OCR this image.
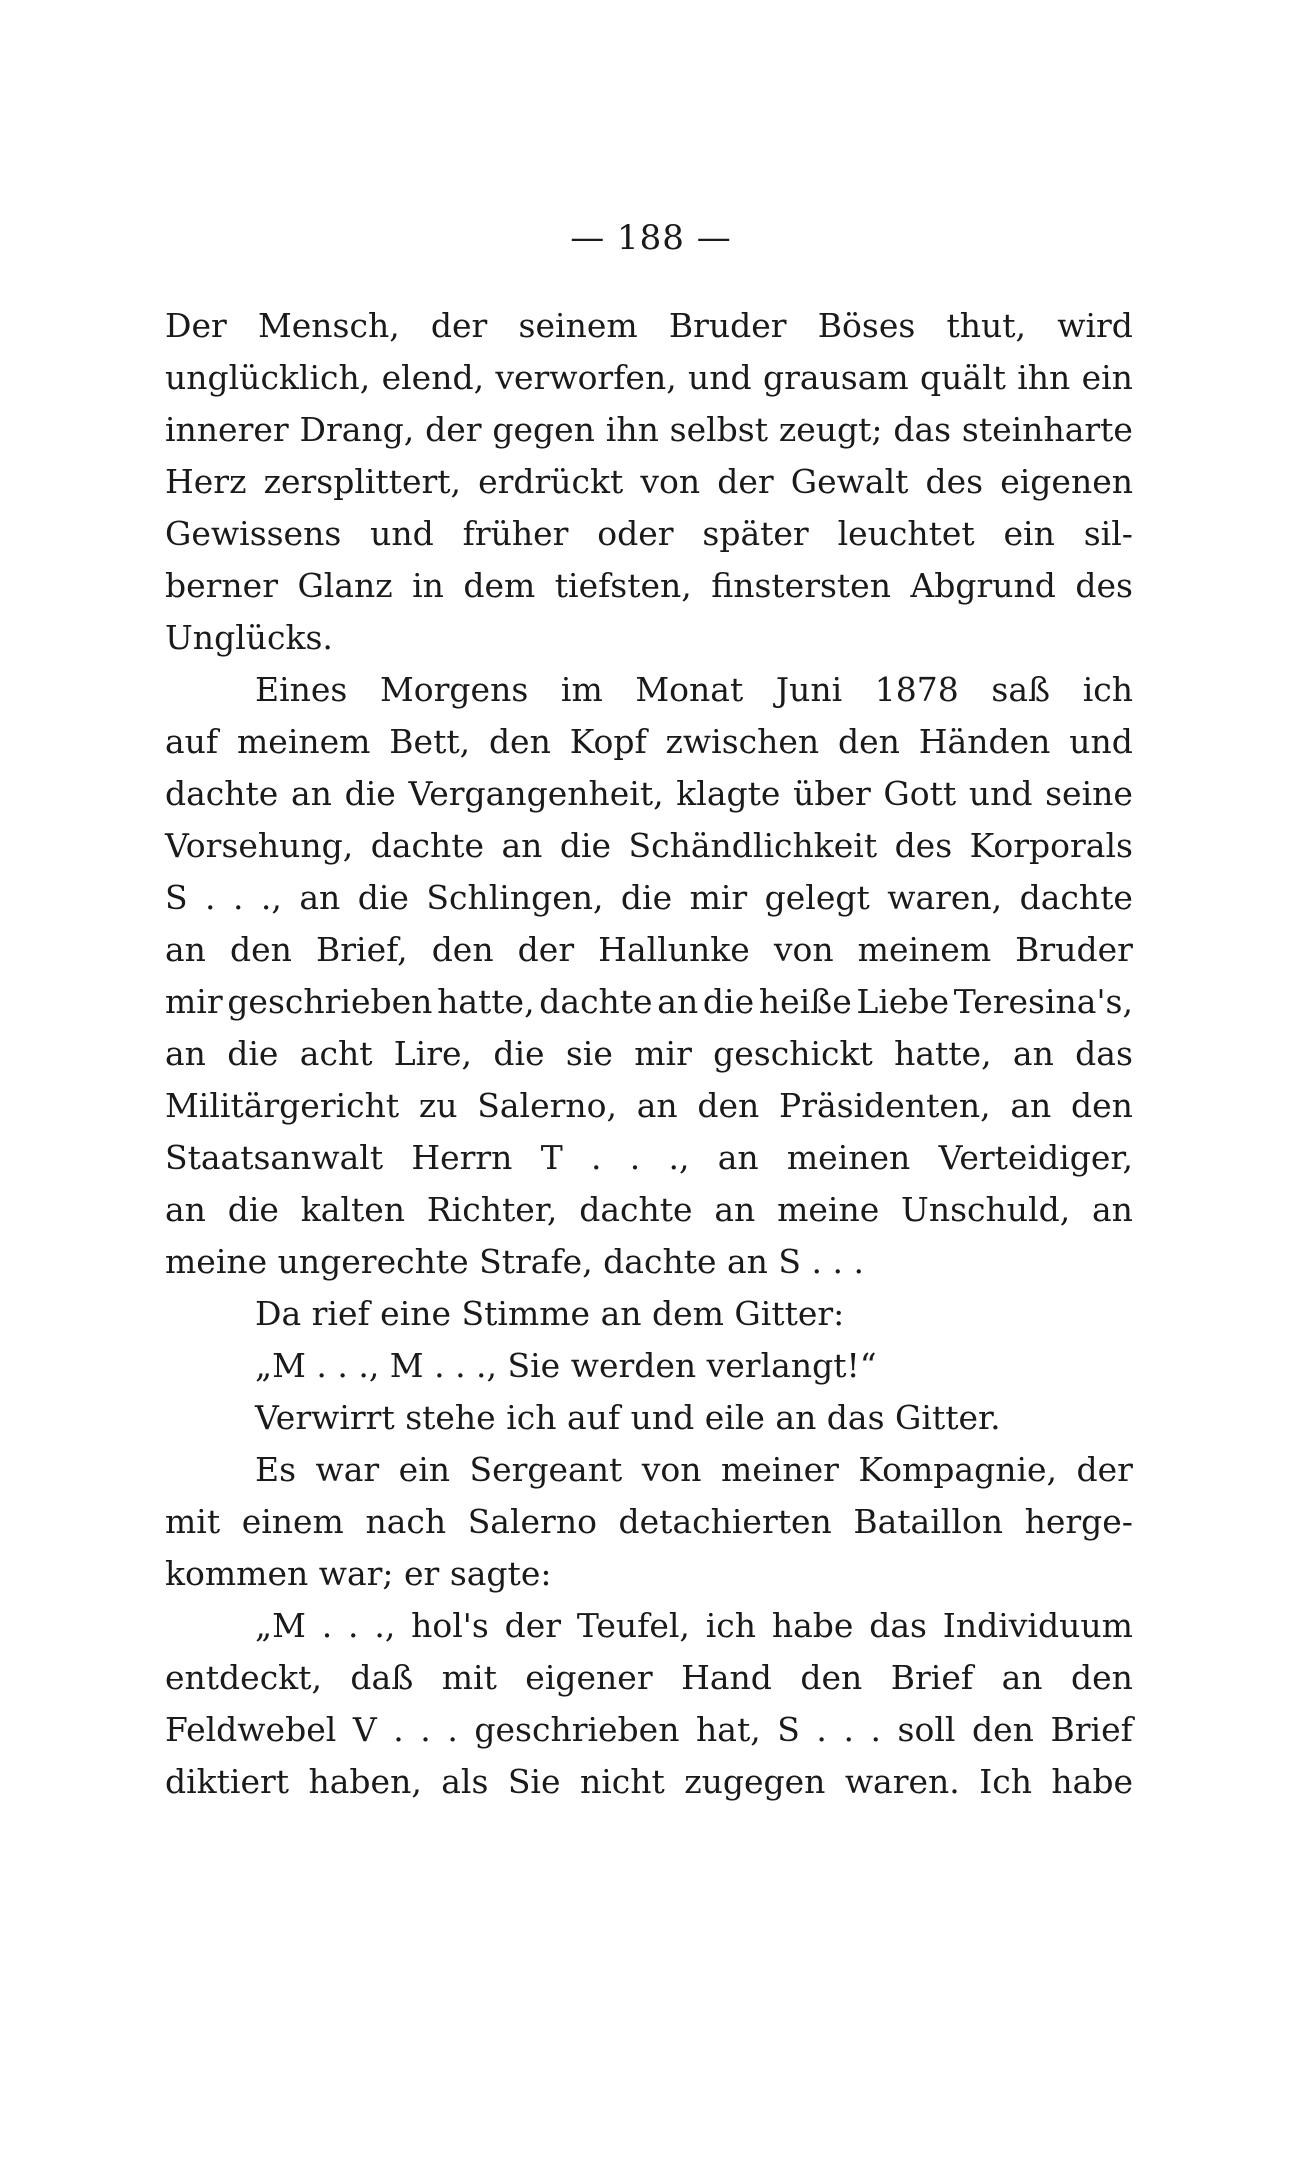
— 188 —
Der Mensch, der seinem Bruder Böses thut, wird
unglücklich, elend, verworfen, und grausam quält ihn ein
innerer Drang, der gegen ihn selbst zeugt; das steinharte
Herz zersplittert, erdrückt von der Gewalt des eigenen
Gewissens und früher oder später leuchtet ein sil-
berner Glanz in dem tiefsten, finstersten Abgrund des
Unglücks.
Eines Morgens im Monat Juni 1878 saß ich
auf meinem Bett, den Kopf zwischen den Händen und
dachte an die Vergangenheit, klagte über Gott und seine
Vorsehung, dachte an die Schändlichkeit des Korporals
S . . ., an die Schlingen, die mir gelegt waren, dachte
an den Brief, den der Hallunke von meinem Bruder
mir geschrieben hatte, dachte an die heiße Liebe Teresina's,
an die acht Lire, die sie mir geschickt hatte, an das
Militärgericht zu Salerno, an den Präsidenten, an den
Staatsanwalt Herrn T . . ., an meinen Verteidiger,
an die kalten Richter, dachte an meine Unschuld, an
meine ungerechte Strafe, dachte an S . . .
Da rief eine Stimme an dem Gitter:
„M . . ., M . . ., Sie werden verlangt!“
Verwirrt stehe ich auf und eile an das Gitter.
Es war ein Sergeant von meiner Kompagnie, der
mit einem nach Salerno detachierten Bataillon herge-
kommen war; er sagte:
„M . . ., hol's der Teufel, ich habe das Individuum
entdeckt, daß mit eigener Hand den Brief an den
Feldwebel V . . . geschrieben hat, S . . . soll den Brief
diktiert haben, als Sie nicht zugegen waren. Ich habe
